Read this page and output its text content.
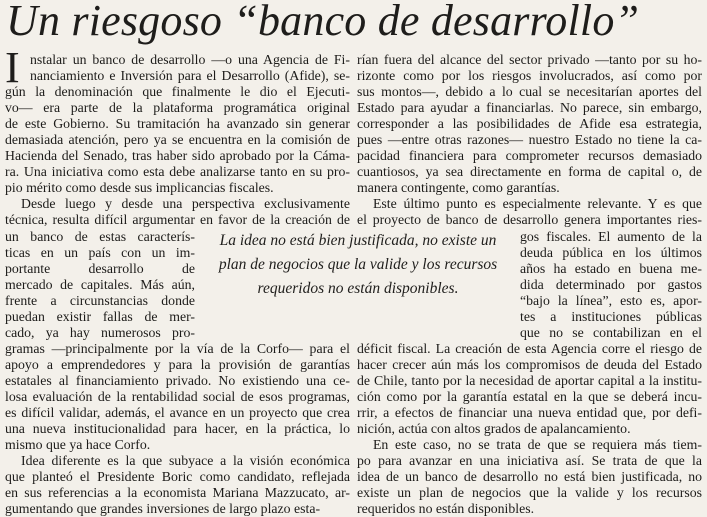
Un riesgoso “banco de desarrollo”
I nstalar un banco de desarrollo —o una Agencia de Fi-
nanciamiento e Inversión para el Desarrollo (Afide), se-
gún la denominación que finalmente le dio el Ejecuti-
vo— era parte de la plataforma programática original
de este Gobierno. Su tramitación ha avanzado sin generar
demasiada atención, pero ya se encuentra en la comisión de
Hacienda del Senado, tras haber sido aprobado por la Cáma-
ra. Una iniciativa como esta debe analizarse tanto en su pro-
pio mérito como desde sus implicancias fiscales.
Desde luego y desde una perspectiva exclusivamente
técnica, resulta difícil argumentar en favor de la creación de
un banco de estas caracterís-
ticas en un país con un im-
portante desarrollo de
mercado de capitales. Más aún,
frente a circunstancias donde
puedan existir fallas de mer-
cado, ya hay numerosos pro-
gramas —principalmente por la vía de la Corfo— para el
apoyo a emprendedores y para la provisión de garantías
estatales al financiamiento privado. No existiendo una ce-
losa evaluación de la rentabilidad social de esos programas,
es difícil validar, además, el avance en un proyecto que crea
una nueva institucionalidad para hacer, en la práctica, lo
mismo que ya hace Corfo.
Idea diferente es la que subyace a la visión económica
que planteó el Presidente Boric como candidato, reflejada
en sus referencias a la economista Mariana Mazzucato, ar-
gumentando que grandes inversiones de largo plazo esta-
rían fuera del alcance del sector privado —tanto por su ho-
rizonte como por los riesgos involucrados, así como por
sus montos—, debido a lo cual se necesitarían aportes del
Estado para ayudar a financiarlas. No parece, sin embargo,
corresponder a las posibilidades de Afide esa estrategia,
pues —entre otras razones— nuestro Estado no tiene la ca-
pacidad financiera para comprometer recursos demasiado
cuantiosos, ya sea directamente en forma de capital o, de
manera contingente, como garantías.
Este último punto es especialmente relevante. Y es que
el proyecto de banco de desarrollo genera importantes ries-
gos fiscales. El aumento de la
deuda pública en los últimos
años ha estado en buena me-
dida determinado por gastos
“bajo la línea”, esto es, apor-
tes a instituciones públicas
que no se contabilizan en el
déficit fiscal. La creación de esta Agencia corre el riesgo de
hacer crecer aún más los compromisos de deuda del Estado
de Chile, tanto por la necesidad de aportar capital a la institu-
ción como por la garantía estatal en la que se deberá incu-
rrir, a efectos de financiar una nueva entidad que, por defi-
nición, actúa con altos grados de apalancamiento.
En este caso, no se trata de que se requiera más tiem-
po para avanzar en una iniciativa así. Se trata de que la
idea de un banco de desarrollo no está bien justificada, no
existe un plan de negocios que la valide y los recursos
requeridos no están disponibles.
La idea no está bien justificada, no existe un
plan de negocios que la valide y los recursos
requeridos no están disponibles.
